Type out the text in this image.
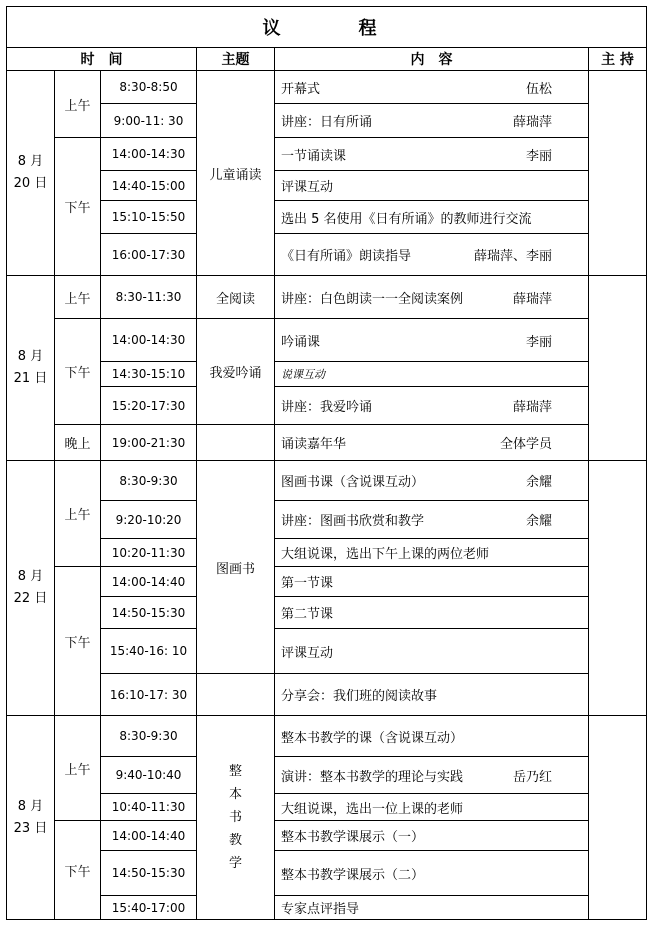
议　　程					
时　间			主题	内　容	主 持

8 月
20 日	上午	8:30-8:50	儿童诵读	开幕式 伍松	

		9:00-11: 30		讲座：日有所诵 薛瑞萍	

	下午	14:00-14:30		一节诵读课 李丽	

		14:40-15:00		评课互动	

		15:10-15:50		选出 5 名使用《日有所诵》的教师进行交流	

		16:00-17:30		《日有所诵》朗读指导 薛瑞萍、李丽	

8 月
21 日	上午	8:30-11:30	全阅读	讲座：白色朗读一一全阅读案例 薛瑞萍	

	下午	14:00-14:30	我爱吟诵	吟诵课 李丽	

		14:30-15:10		说课互动	

		15:20-17:30		讲座：我爱吟诵 薛瑞萍	

	晚上	19:00-21:30		诵读嘉年华 全体学员	

8 月
22 日	上午	8:30-9:30	图画书	图画书课（含说课互动） 余耀	

		9:20-10:20		讲座：图画书欣赏和教学 余耀	

		10:20-11:30		大组说课，选出下午上课的两位老师	

	下午	14:00-14:40		第一节课	

		14:50-15:30		第二节课	

		15:40-16: 10		评课互动	

		16:10-17: 30		分享会：我们班的阅读故事	

8 月
23 日	上午	8:30-9:30	整
本
书
教
学	整本书教学的课（含说课互动）	

		9:40-10:40		演讲：整本书教学的理论与实践 岳乃红	

		10:40-11:30		大组说课，选出一位上课的老师	

	下午	14:00-14:40		整本书教学课展示（一）	

		14:50-15:30		整本书教学课展示（二）	

		15:40-17:00		专家点评指导	
